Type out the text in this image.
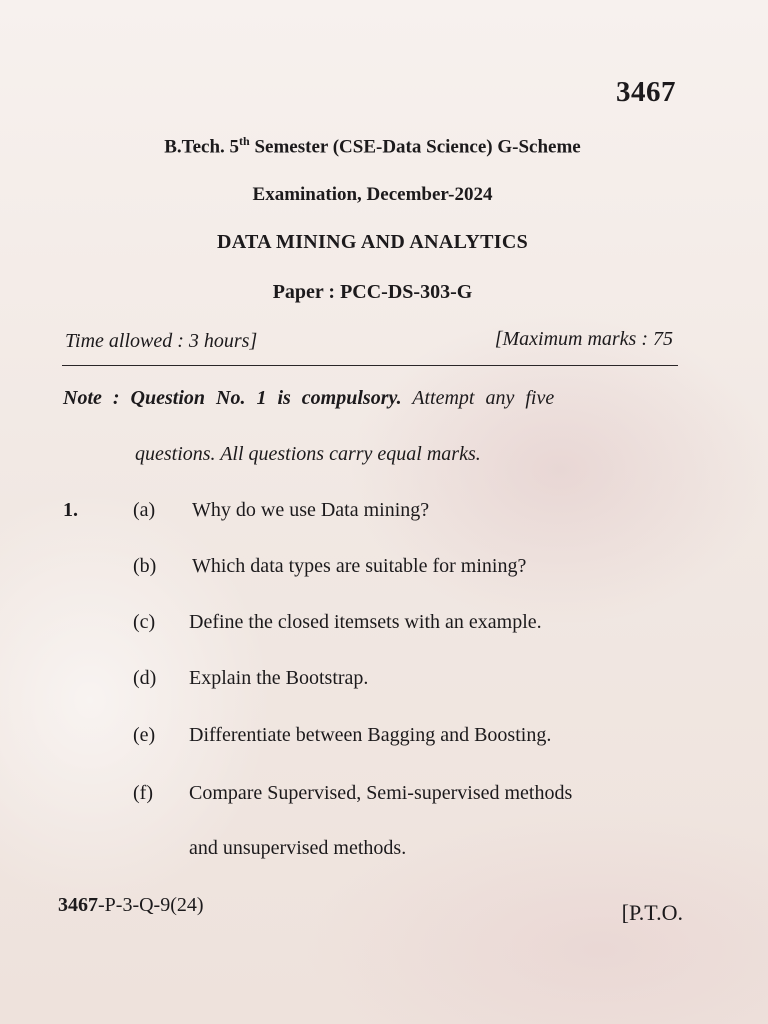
3467
B.Tech. 5th Semester (CSE-Data Science) G-Scheme
Examination, December-2024
DATA MINING AND ANALYTICS
Paper : PCC-DS-303-G
Time allowed : 3 hours]	[Maximum marks : 75
Note : Question No. 1 is compulsory. Attempt any five
questions. All questions carry equal marks.
1.	(a) Why do we use Data mining?
(b) Which data types are suitable for mining?
(c) Define the closed itemsets with an example.
(d) Explain the Bootstrap.
(e) Differentiate between Bagging and Boosting.
(f) Compare Supervised, Semi-supervised methods
and unsupervised methods.
3467-P-3-Q-9(24)	[P.T.O.
